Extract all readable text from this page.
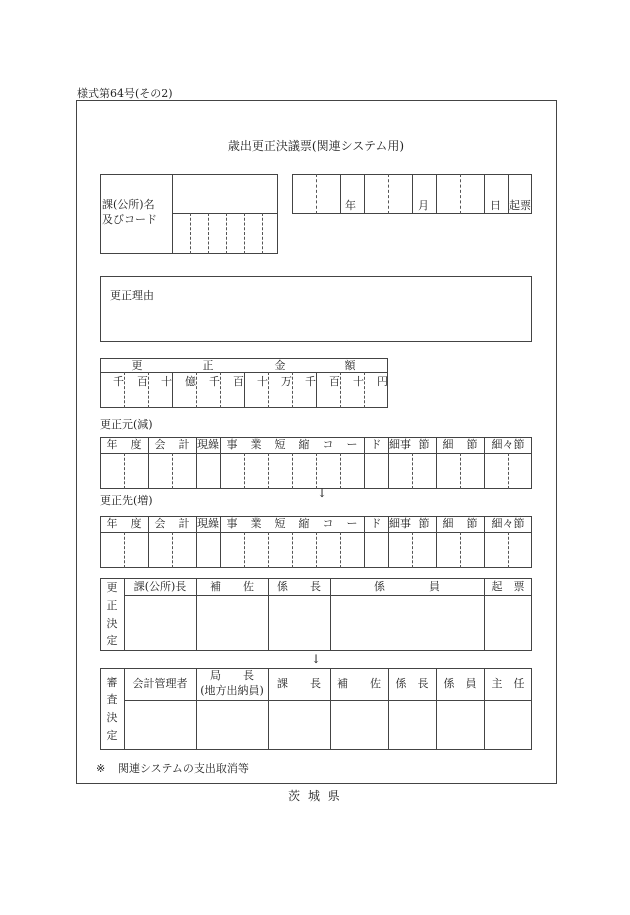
様式第64号(その2)
歳出更正決議票(関連システム用)
課(公所)名
及びコード
年	月	日 起票
更正理由
更	正	金	額
千 百 十 億 千 百 十 万 千 百 十 円
更正元(減)
年	度	会	計 現繰 事	業	短	縮	コ	ー	ド 細事 節	細	節	細々節
↓
更正先(増)
年	度	会	計 現繰 事	業	短	縮	コ	ー	ド 細事 節	細	節	細々節
更
正
決
定
課(公所)長	補　　佐	係　　長	係　　　　員	起　票
↓
審
査
決
定
会計管理者
局　　長
(地方出納員)
課　　長	補　　佐	係　長	係　員	主　任
※ 関連システムの支出取消等
茨 城 県
